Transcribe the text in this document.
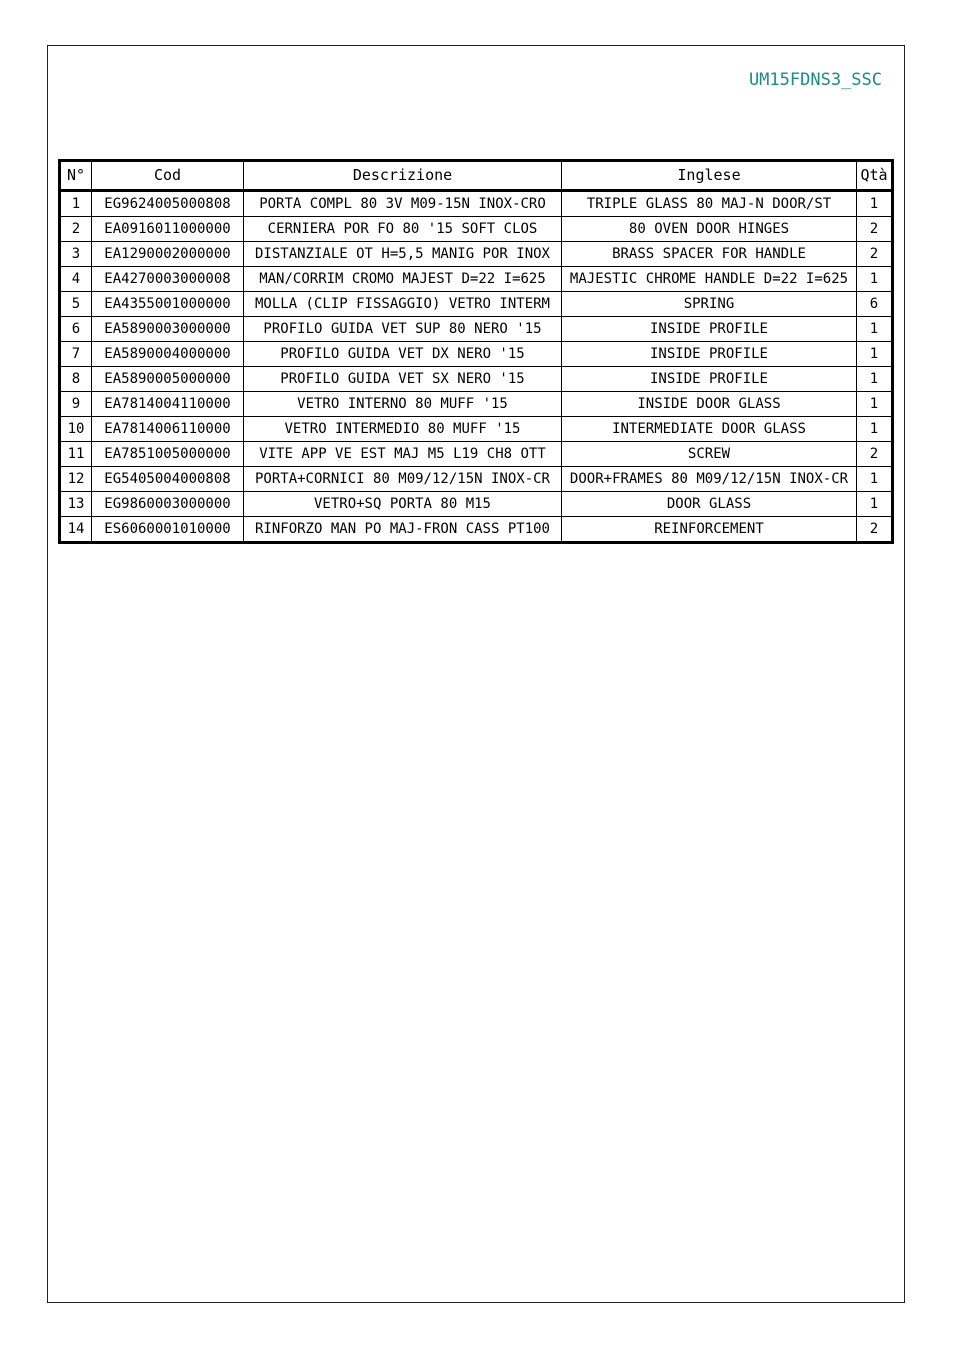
UM15FDNS3_SSC
N°	Cod	Descrizione	Inglese	Qtà
1	EG9624005000808	PORTA COMPL 80 3V M09-15N INOX-CRO	TRIPLE GLASS 80 MAJ-N DOOR/ST	1
2	EA0916011000000	CERNIERA POR FO 80 '15 SOFT CLOS	80 OVEN DOOR HINGES	2
3	EA1290002000000	DISTANZIALE OT H=5,5 MANIG POR INOX	BRASS SPACER FOR HANDLE	2
4	EA4270003000008	MAN/CORRIM CROMO MAJEST D=22 I=625	MAJESTIC CHROME HANDLE D=22 I=625	1
5	EA4355001000000	MOLLA (CLIP FISSAGGIO) VETRO INTERM	SPRING	6
6	EA5890003000000	PROFILO GUIDA VET SUP 80 NERO '15	INSIDE PROFILE	1
7	EA5890004000000	PROFILO GUIDA VET DX NERO '15	INSIDE PROFILE	1
8	EA5890005000000	PROFILO GUIDA VET SX NERO '15	INSIDE PROFILE	1
9	EA7814004110000	VETRO INTERNO 80 MUFF '15	INSIDE DOOR GLASS	1
10	EA7814006110000	VETRO INTERMEDIO 80 MUFF '15	INTERMEDIATE DOOR GLASS	1
11	EA7851005000000	VITE APP VE EST MAJ M5 L19 CH8 OTT	SCREW	2
12	EG5405004000808	PORTA+CORNICI 80 M09/12/15N INOX-CR	DOOR+FRAMES 80 M09/12/15N INOX-CR	1
13	EG9860003000000	VETRO+SQ PORTA 80 M15	DOOR GLASS	1
14	ES6060001010000	RINFORZO MAN PO MAJ-FRON CASS PT100	REINFORCEMENT	2
